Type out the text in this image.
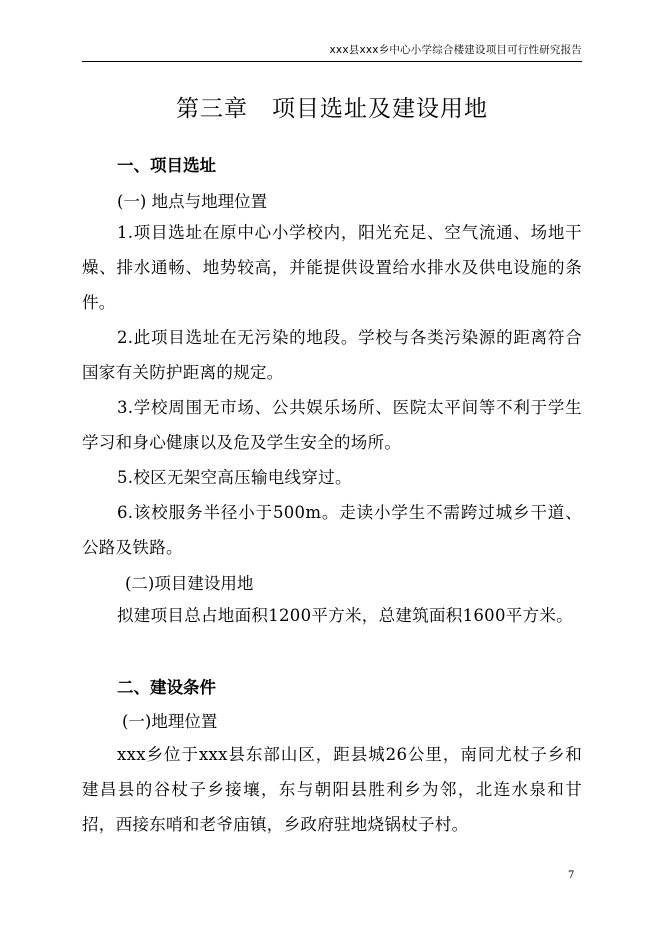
xxx县xxx乡中心小学综合楼建设项目可行性研究报告
第三章 项目选址及建设用地
一、项目选址
(一) 地点与地理位置

1.项目选址在原中心小学校内，阳光充足、空气流通、场地干燥、排水通畅、地势较高，并能提供设置给水排水及供电设施的条件。

2.此项目选址在无污染的地段。学校与各类污染源的距离符合国家有关防护距离的规定。

3.学校周围无市场、公共娱乐场所、医院太平间等不利于学生学习和身心健康以及危及学生安全的场所。

5.校区无架空高压输电线穿过。

6.该校服务半径小于500m。走读小学生不需跨过城乡干道、公路及铁路。

(二)项目建设用地

拟建项目总占地面积1200平方米，总建筑面积1600平方米。

二、建设条件
(一)地理位置

xxx乡位于xxx县东部山区，距县城26公里，南同尤杖子乡和建昌县的谷杖子乡接壤，东与朝阳县胜利乡为邻，北连水泉和甘招，西接东哨和老爷庙镇，乡政府驻地烧锅杖子村。

7
